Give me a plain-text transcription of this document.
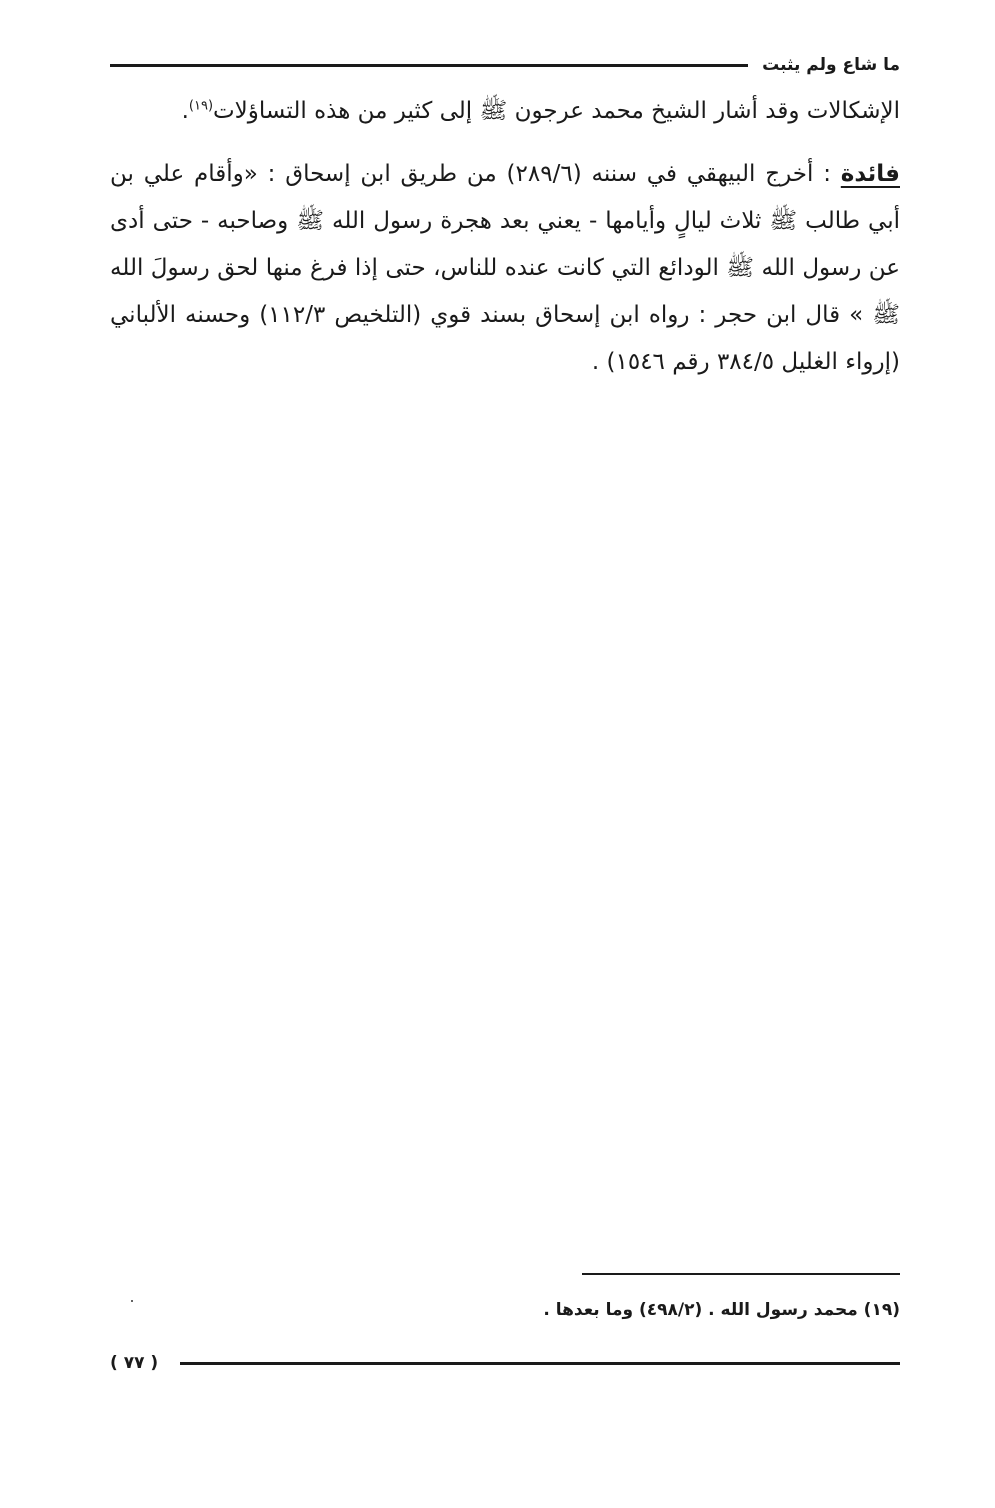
ما شاع ولم يثبت

الإشكالات وقد أشار الشيخ محمد عرجون ﷺ إلى كثير من هذه التساؤلات$^{(١٩)}$.

فائدة : أخرج البيهقي في سننه (٢٨٩/٦) من طريق ابن إسحاق : «وأقام علي بن أبي طالب ﷺ ثلاث ليالٍ وأيامها - يعني بعد هجرة رسول الله ﷺ وصاحبه - حتى أدى عن رسول الله ﷺ الودائع التي كانت عنده للناس، حتى إذا فرغ منها لحق رسولَ الله ﷺ » قال ابن حجر : رواه ابن إسحاق بسند قوي (التلخيص ١١٢/٣) وحسنه الألباني (إرواء الغليل ٣٨٤/٥ رقم ١٥٤٦) .

(١٩) محمد رسول الله . (٤٩٨/٢) وما بعدها .

( ٧٧ )
